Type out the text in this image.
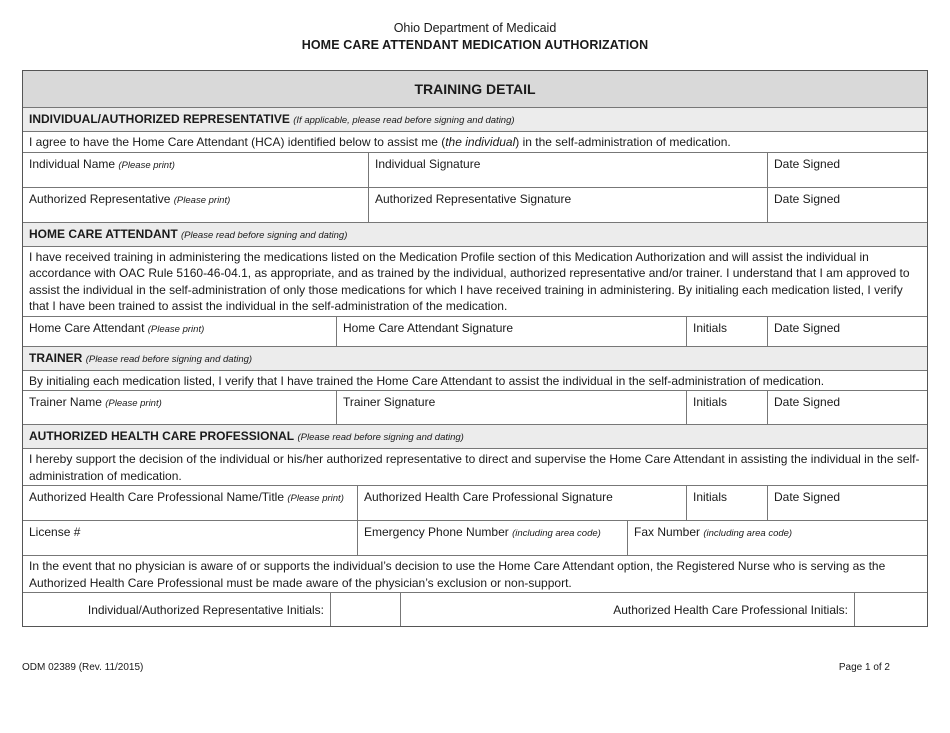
Ohio Department of Medicaid
HOME CARE ATTENDANT MEDICATION AUTHORIZATION
TRAINING DETAIL
INDIVIDUAL/AUTHORIZED REPRESENTATIVE (If applicable, please read before signing and dating)
I agree to have the Home Care Attendant (HCA) identified below to assist me (the individual) in the self-administration of medication.
Individual Name (Please print)	Individual Signature	Date Signed
Authorized Representative (Please print)	Authorized Representative Signature	Date Signed
HOME CARE ATTENDANT (Please read before signing and dating)
I have received training in administering the medications listed on the Medication Profile section of this Medication Authorization and will assist the individual in accordance with OAC Rule 5160-46-04.1, as appropriate, and as trained by the individual, authorized representative and/or trainer. I understand that I am approved to assist the individual in the self-administration of only those medications for which I have received training in administering. By initialing each medication listed, I verify that I have been trained to assist the individual in the self-administration of the medication.
Home Care Attendant (Please print)	Home Care Attendant Signature	Initials	Date Signed
TRAINER (Please read before signing and dating)
By initialing each medication listed, I verify that I have trained the Home Care Attendant to assist the individual in the self-administration of medication.
Trainer Name (Please print)	Trainer Signature	Initials	Date Signed
AUTHORIZED HEALTH CARE PROFESSIONAL (Please read before signing and dating)
I hereby support the decision of the individual or his/her authorized representative to direct and supervise the Home Care Attendant in assisting the individual in the self-administration of medication.
Authorized Health Care Professional Name/Title (Please print)	Authorized Health Care Professional Signature	Initials	Date Signed
License #	Emergency Phone Number (including area code)	Fax Number (including area code)
In the event that no physician is aware of or supports the individual’s decision to use the Home Care Attendant option, the Registered Nurse who is serving as the Authorized Health Care Professional must be made aware of the physician’s exclusion or non-support.
Individual/Authorized Representative Initials:	Authorized Health Care Professional Initials:
ODM 02389 (Rev. 11/2015)	Page 1 of 2
